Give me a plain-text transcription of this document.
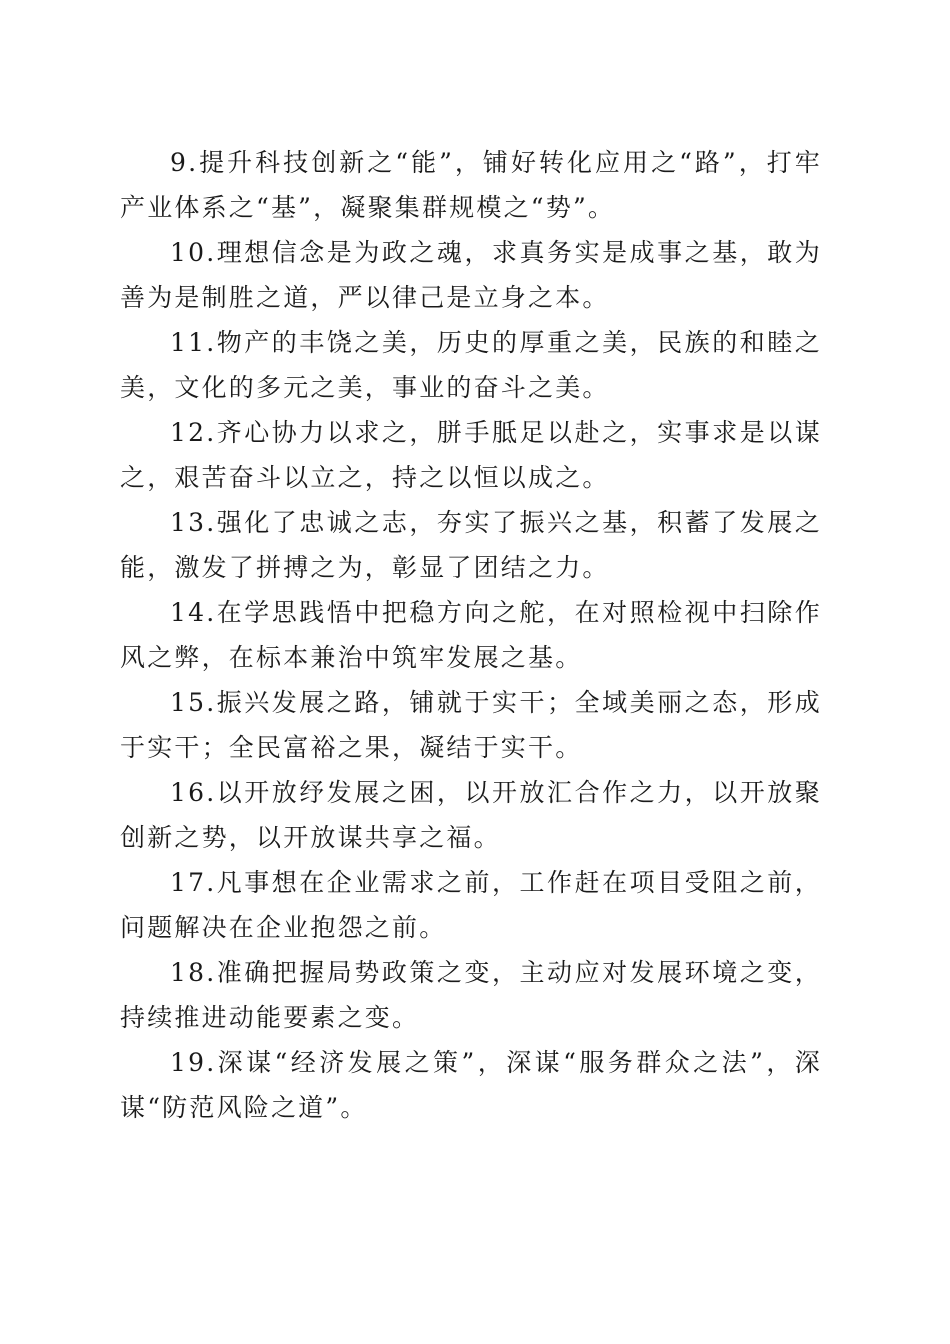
9.提升科技创新之“能”，铺好转化应用之“路”，打牢产业体系之“基”，凝聚集群规模之“势”。

10.理想信念是为政之魂，求真务实是成事之基，敢为善为是制胜之道，严以律己是立身之本。

11.物产的丰饶之美，历史的厚重之美，民族的和睦之美，文化的多元之美，事业的奋斗之美。

12.齐心协力以求之，胼手胝足以赴之，实事求是以谋之，艰苦奋斗以立之，持之以恒以成之。

13.强化了忠诚之志，夯实了振兴之基，积蓄了发展之能，激发了拼搏之为，彰显了团结之力。

14.在学思践悟中把稳方向之舵，在对照检视中扫除作风之弊，在标本兼治中筑牢发展之基。

15.振兴发展之路，铺就于实干；全域美丽之态，形成于实干；全民富裕之果，凝结于实干。

16.以开放纾发展之困，以开放汇合作之力，以开放聚创新之势，以开放谋共享之福。

17.凡事想在企业需求之前，工作赶在项目受阻之前，问题解决在企业抱怨之前。

18.准确把握局势政策之变，主动应对发展环境之变，持续推进动能要素之变。

19.深谋“经济发展之策”，深谋“服务群众之法”，深谋“防范风险之道”。
